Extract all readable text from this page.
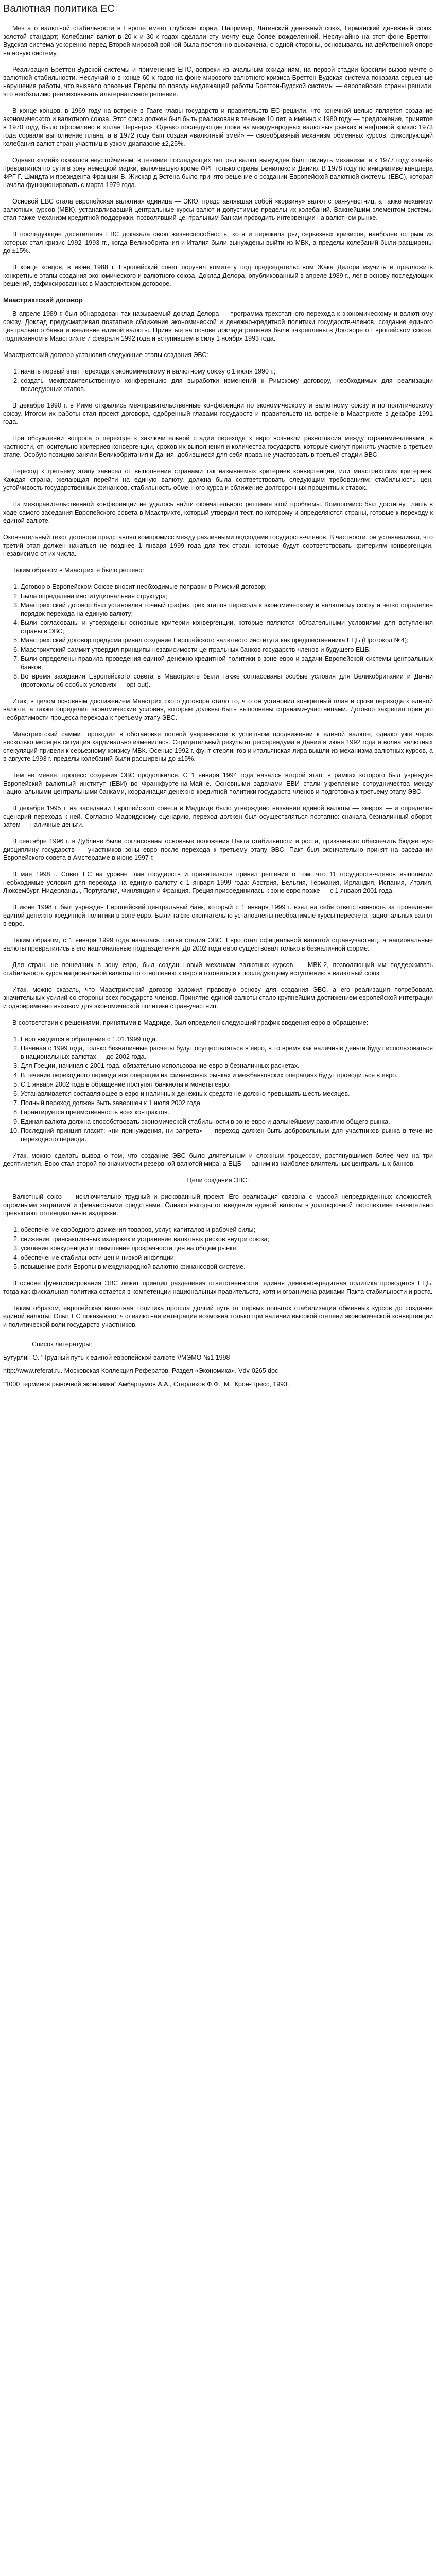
Валютная политика ЕС

Мечта о валютной стабильности в Европе имеет глубокие корни. Например, Латинский денежный союз, Германский денежный союз, золотой стандарт; Колебания валют в 20-х и 30-х годах сделали эту мечту еще более вожделенной. Неслучайно на этот фоне Бреттон-Вудская система ускоренно перед Второй мировой войной была постоянно выхвачена, с одной стороны, основываясь на действенной опоре на новую систему.

Реализация Бреттон-Вудской системы и применение ЕПС, вопреки изначальным ожиданиям, на первой стадии бросили вызов мечте о валютной стабильности. Неслучайно в конце 60-х годов на фоне мирового валютного кризиса Бреттон-Вудская система показала серьезные нарушения работы, что вызвало опасения Европы по поводу надлежащей работы Бреттон-Вудской системы — европейские страны решили, что необходимо реализовывать альтернативное решение.

В конце концов, в 1969 году на встрече в Гааге главы государств и правительств ЕС решили, что конечной целью является создание экономического и валютного союза. Этот союз должен был быть реализован в течение 10 лет, а именно к 1980 году — предложение, принятое в 1970 году, было оформлено в «план Вернера». Однако последующие шоки на международных валютных рынках и нефтяной кризис 1973 года сорвали выполнение плана, а в 1972 году был создан «валютный змей» — своеобразный механизм обменных курсов, фиксирующий колебания валют стран-участниц в узком диапазоне ±2,25%.

Однако «змей» оказался неустойчивым: в течение последующих лет ряд валют вынужден был покинуть механизм, и к 1977 году «змей» превратился по сути в зону немецкой марки, включавшую кроме ФРГ только страны Бенилюкс и Данию. В 1978 году по инициативе канцлера ФРГ Г. Шмидта и президента Франции В. Жискар д'Эстена было принято решение о создании Европейской валютной системы (ЕВС), которая начала функционировать с марта 1979 года.

Основой ЕВС стала европейская валютная единица — ЭКЮ, представлявшая собой «корзину» валют стран-участниц, а также механизм валютных курсов (МВК), устанавливавший центральные курсы валют и допустимые пределы их колебаний. Важнейшим элементом системы стал также механизм кредитной поддержки, позволявший центральным банкам проводить интервенции на валютном рынке.

В последующие десятилетия ЕВС доказала свою жизнеспособность, хотя и пережила ряд серьезных кризисов, наиболее острым из которых стал кризис 1992–1993 гг., когда Великобритания и Италия были вынуждены выйти из МВК, а пределы колебаний были расширены до ±15%.

В конце концов, в июне 1988 г. Европейский совет поручил комитету под председательством Жака Делора изучить и предложить конкретные этапы создания экономического и валютного союза. Доклад Делора, опубликованный в апреле 1989 г., лег в основу последующих решений, зафиксированных в Маастрихтском договоре.

Маастрихтский договор

В апреле 1989 г. был обнародован так называемый доклад Делора — программа трехэтапного перехода к экономическому и валютному союзу. Доклад предусматривал поэтапное сближение экономической и денежно-кредитной политики государств-членов, создание единого центрального банка и введение единой валюты. Принятые на основе доклада решения были закреплены в Договоре о Европейском союзе, подписанном в Маастрихте 7 февраля 1992 года и вступившем в силу 1 ноября 1993 года.

Маастрихтский договор установил следующие этапы создания ЭВС:

1. начать первый этап перехода к экономическому и валютному союзу с 1 июля 1990 г.;
2. создать межправительственную конференцию для выработки изменений к Римскому договору, необходимых для реализации последующих этапов.

В декабре 1990 г. в Риме открылись межправительственные конференции по экономическому и валютному союзу и по политическому союзу. Итогом их работы стал проект договора, одобренный главами государств и правительств на встрече в Маастрихте в декабре 1991 года.

При обсуждении вопроса о переходе к заключительной стадии перехода к евро возникли разногласия между странами-членами, в частности, относительно критериев конвергенции, сроков их выполнения и количества государств, которые смогут принять участие в третьем этапе. Особую позицию заняли Великобритания и Дания, добившиеся для себя права не участвовать в третьей стадии ЭВС.

Переход к третьему этапу зависел от выполнения странами так называемых критериев конвергенции, или маастрихтских критериев. Каждая страна, желающая перейти на единую валюту, должна была соответствовать следующим требованиям: стабильность цен, устойчивость государственных финансов, стабильность обменного курса и сближение долгосрочных процентных ставок.

На межправительственной конференции не удалось найти окончательного решения этой проблемы. Компромисс был достигнут лишь в ходе самого заседания Европейского совета в Маастрихте, который утвердил тест, по которому и определяются страны, готовые к переходу к единой валюте.

Окончательный текст договора представлял компромисс между различными подходами государств-членов. В частности, он устанавливал, что третий этап должен начаться не позднее 1 января 1999 года для тех стран, которые будут соответствовать критериям конвергенции, независимо от их числа.

Таким образом в Маастрихте было решено:

1. Договор о Европейском Союзе вносит необходимые поправки в Римский договор;
2. Была определена институциональная структура;
3. Маастрихтский договор был установлен точный график трех этапов перехода к экономическому и валютному союзу и четко определен порядок перехода на единую валюту;
4. Были согласованы и утверждены основные критерии конвергенции, которые являются обязательными условиями для вступления страны в ЭВС;
5. Маастрихтский договор предусматривал создание Европейского валютного института как предшественника ЕЦБ (Протокол №4);
6. Маастрихтский саммит утвердил принципы независимости центральных банков государств-членов и будущего ЕЦБ;
7. Были определены правила проведения единой денежно-кредитной политики в зоне евро и задачи Европейской системы центральных банков;
8. Во время заседания Европейского совета в Маастрихте были также согласованы особые условия для Великобритании и Дании (протоколы об особых условиях — opt-out).

Итак, в целом основным достижением Маастрихтского договора стало то, что он установил конкретный план и сроки перехода к единой валюте, а также определил экономические условия, которые должны быть выполнены странами-участницами. Договор закрепил принцип необратимости процесса перехода к третьему этапу ЭВС.

Маастрихтский саммит проходил в обстановке полной уверенности в успешном продвижении к единой валюте, однако уже через несколько месяцев ситуация кардинально изменилась. Отрицательный результат референдума в Дании в июне 1992 года и волна валютных спекуляций привели к серьезному кризису МВК. Осенью 1992 г. фунт стерлингов и итальянская лира вышли из механизма валютных курсов, а в августе 1993 г. пределы колебаний были расширены до ±15%.

Тем не менее, процесс создания ЭВС продолжился. С 1 января 1994 года начался второй этап, в рамках которого был учрежден Европейский валютный институт (ЕВИ) во Франкфурте-на-Майне. Основными задачами ЕВИ стали укрепление сотрудничества между национальными центральными банками, координация денежно-кредитной политики государств-членов и подготовка к третьему этапу ЭВС.

В декабре 1995 г. на заседании Европейского совета в Мадриде было утверждено название единой валюты — «евро» — и определен сценарий перехода к ней. Согласно Мадридскому сценарию, переход должен был осуществляться поэтапно: сначала безналичный оборот, затем — наличные деньги.

В сентябре 1996 г. в Дублине были согласованы основные положения Пакта стабильности и роста, призванного обеспечить бюджетную дисциплину государств — участников зоны евро после перехода к третьему этапу ЭВС. Пакт был окончательно принят на заседании Европейского совета в Амстердаме в июне 1997 г.

В мае 1998 г. Совет ЕС на уровне глав государств и правительств принял решение о том, что 11 государств-членов выполнили необходимые условия для перехода на единую валюту с 1 января 1999 года: Австрия, Бельгия, Германия, Ирландия, Испания, Италия, Люксембург, Нидерланды, Португалия, Финляндия и Франция. Греция присоединилась к зоне евро позже — с 1 января 2001 года.

В июне 1998 г. был учрежден Европейский центральный банк, который с 1 января 1999 г. взял на себя ответственность за проведение единой денежно-кредитной политики в зоне евро. Были также окончательно установлены необратимые курсы пересчета национальных валют в евро.

Таким образом, с 1 января 1999 года началась третья стадия ЭВС. Евро стал официальной валютой стран-участниц, а национальные валюты превратились в его национальные подразделения. До 2002 года евро существовал только в безналичной форме.

Для стран, не вошедших в зону евро, был создан новый механизм валютных курсов — МВК-2, позволяющий им поддерживать стабильность курса национальной валюты по отношению к евро и готовиться к последующему вступлению в валютный союз.

Итак, можно сказать, что Маастрихтский договор заложил правовую основу для создания ЭВС, а его реализация потребовала значительных усилий со стороны всех государств-членов. Принятие единой валюты стало крупнейшим достижением европейской интеграции и одновременно вызовом для экономической политики стран-участниц.

В соответствии с решениями, принятыми в Мадриде, был определен следующий график введения евро в обращение:

1. Евро вводится в обращение с 1.01.1999 года.
2. Начиная с 1999 года, только безналичные расчеты будут осуществляться в евро, в то время как наличные деньги будут использоваться в национальных валютах — до 2002 года.
3. Для Греции, начиная с 2001 года, обязательно использование евро в безналичных расчетах.
4. В течение переходного периода все операции на финансовых рынках и межбанковских операциях будут проводиться в евро.
5. С 1 января 2002 года в обращение поступят банкноты и монеты евро.
6. Устанавливается составляющее в евро и наличных денежных средств не должно превышать шесть месяцев.
7. Полный переход должен быть завершен к 1 июля 2002 года.
8. Гарантируется преемственность всех контрактов.
9. Единая валюта должна способствовать экономической стабильности в зоне евро и дальнейшему развитию общего рынка.
10. Последний принцип гласит: «ни принуждения, ни запрета» — переход должен быть добровольным для участников рынка в течение переходного периода.

Итак, можно сделать вывод о том, что создание ЭВС было длительным и сложным процессом, растянувшимся более чем на три десятилетия. Евро стал второй по значимости резервной валютой мира, а ЕЦБ — одним из наиболее влиятельных центральных банков.

Цели создания ЭВС:

Валютный союз — исключительно трудный и рискованный проект. Его реализация связана с массой непредвиденных сложностей, огромными затратами и финансовыми средствами. Однако выгоды от введения единой валюты в долгосрочной перспективе значительно превышают потенциальные издержки.

1. обеспечение свободного движения товаров, услуг, капиталов и рабочей силы;
2. снижение трансакционных издержек и устранение валютных рисков внутри союза;
3. усиление конкуренции и повышение прозрачности цен на общем рынке;
4. обеспечение стабильности цен и низкой инфляции;
5. повышение роли Европы в международной валютно-финансовой системе.

В основе функционирования ЭВС лежит принцип разделения ответственности: единая денежно-кредитная политика проводится ЕЦБ, тогда как фискальная политика остается в компетенции национальных правительств, хотя и ограничена рамками Пакта стабильности и роста.

Таким образом, европейская валютная политика прошла долгий путь от первых попыток стабилизации обменных курсов до создания единой валюты. Опыт ЕС показывает, что валютная интеграция возможна только при наличии высокой степени экономической конвергенции и политической воли государств-участников.

Список литературы:

Бутурлин О. "Трудный путь к единой европейской валюте"//МЭМО №1 1998

http://www.referat.ru. Московская Коллекция Рефератов. Раздел «Экономика». Vdv-0265.doc

"1000 терминов рыночной экономики" Амбарцумов А.А., Стерликов Ф.Ф., М., Крон-Пресс, 1993.
